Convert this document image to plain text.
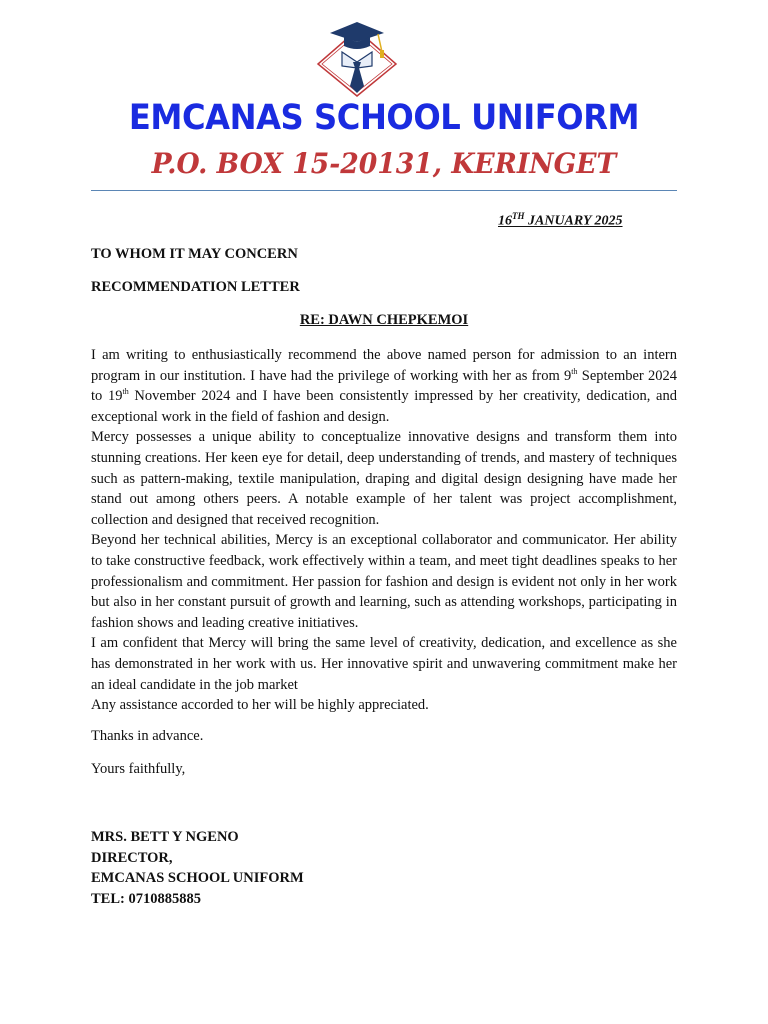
EMCANAS SCHOOL UNIFORM
P.O. BOX 15-20131, KERINGET
16TH JANUARY 2025
TO WHOM IT MAY CONCERN
RECOMMENDATION LETTER
RE: DAWN CHEPKEMOI

I am writing to enthusiastically recommend the above named person for admission to an intern program in our institution. I have had the privilege of working with her as from 9th September 2024 to 19th November 2024 and I have been consistently impressed by her creativity, dedication, and exceptional work in the field of fashion and design.

Mercy possesses a unique ability to conceptualize innovative designs and transform them into stunning creations. Her keen eye for detail, deep understanding of trends, and mastery of techniques such as pattern-making, textile manipulation, draping and digital design designing have made her stand out among others peers. A notable example of her talent was project accomplishment, collection and designed that received recognition.

Beyond her technical abilities, Mercy is an exceptional collaborator and communicator. Her ability to take constructive feedback, work effectively within a team, and meet tight deadlines speaks to her professionalism and commitment. Her passion for fashion and design is evident not only in her work but also in her constant pursuit of growth and learning, such as attending workshops, participating in fashion shows and leading creative initiatives.

I am confident that Mercy will bring the same level of creativity, dedication, and excellence as she has demonstrated in her work with us. Her innovative spirit and unwavering commitment make her an ideal candidate in the job market

Any assistance accorded to her will be highly appreciated.

Thanks in advance.
Yours faithfully,
MRS. BETT Y NGENO
DIRECTOR,
EMCANAS SCHOOL UNIFORM
TEL: 0710885885
